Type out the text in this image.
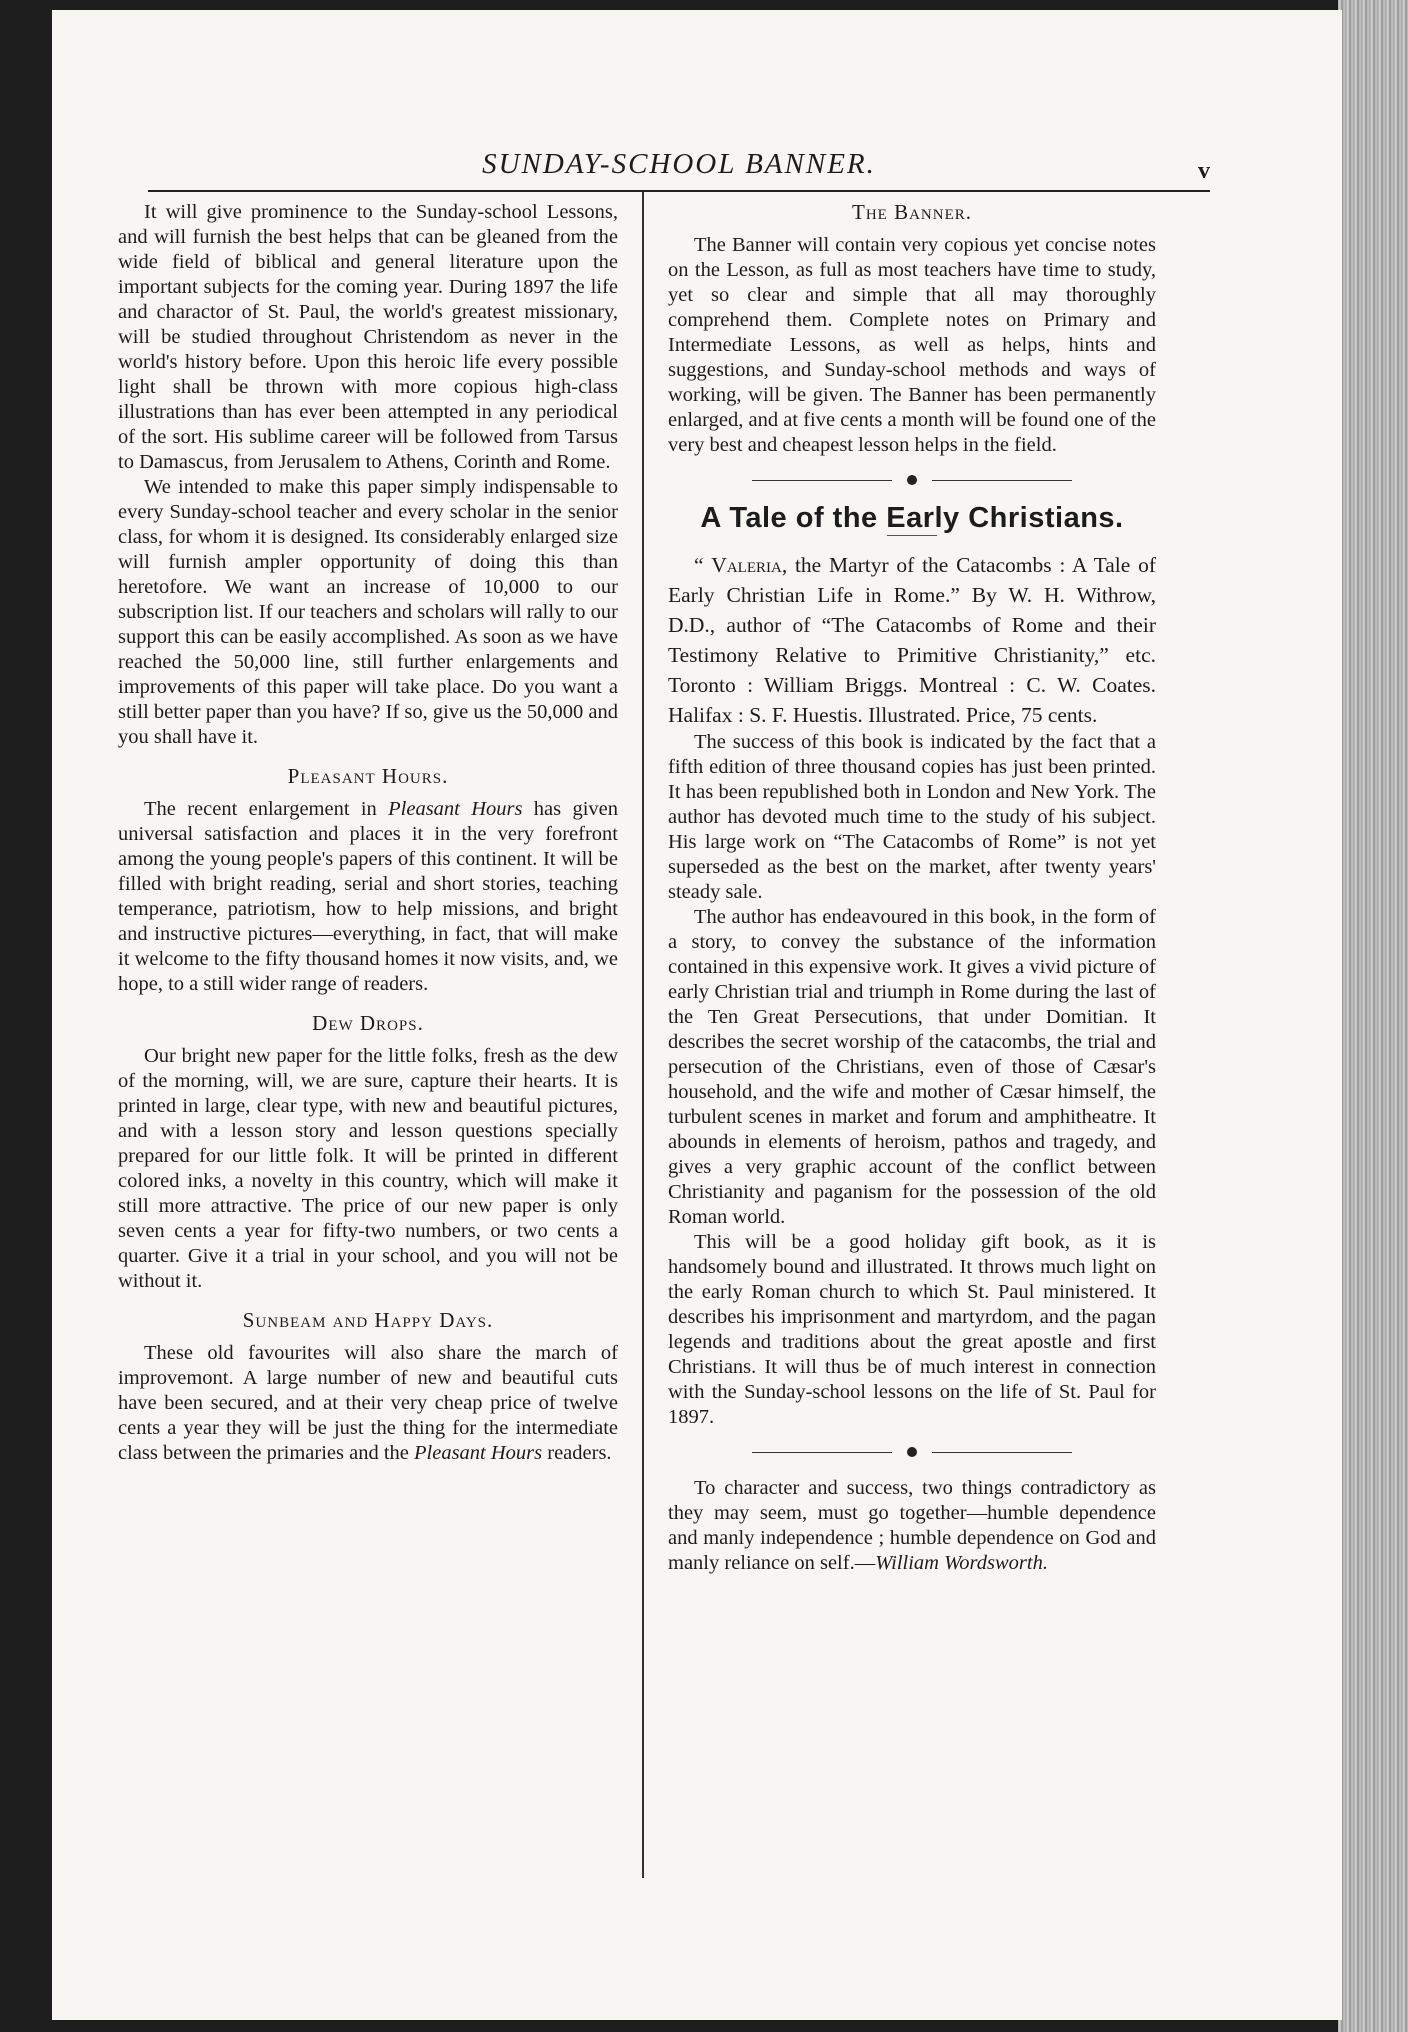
SUNDAY-SCHOOL BANNER.	v

It will give prominence to the Sunday-school Lessons, and will furnish the best helps that can be gleaned from the wide field of biblical and general literature upon the important subjects for the coming year. During 1897 the life and charactor of St. Paul, the world's greatest missionary, will be studied throughout Christendom as never in the world's history before. Upon this heroic life every possible light shall be thrown with more copious high-class illustrations than has ever been attempted in any periodical of the sort. His sublime career will be followed from Tarsus to Damascus, from Jerusalem to Athens, Corinth and Rome.

We intended to make this paper simply indispensable to every Sunday-school teacher and every scholar in the senior class, for whom it is designed. Its considerably enlarged size will furnish ampler opportunity of doing this than heretofore. We want an increase of 10,000 to our subscription list. If our teachers and scholars will rally to our support this can be easily accomplished. As soon as we have reached the 50,000 line, still further enlargements and improvements of this paper will take place. Do you want a still better paper than you have? If so, give us the 50,000 and you shall have it.

Pleasant Hours.

The recent enlargement in Pleasant Hours has given universal satisfaction and places it in the very forefront among the young people's papers of this continent. It will be filled with bright reading, serial and short stories, teaching temperance, patriotism, how to help missions, and bright and instructive pictures—everything, in fact, that will make it welcome to the fifty thousand homes it now visits, and, we hope, to a still wider range of readers.

Dew Drops.

Our bright new paper for the little folks, fresh as the dew of the morning, will, we are sure, capture their hearts. It is printed in large, clear type, with new and beautiful pictures, and with a lesson story and lesson questions specially prepared for our little folk. It will be printed in different colored inks, a novelty in this country, which will make it still more attractive. The price of our new paper is only seven cents a year for fifty-two numbers, or two cents a quarter. Give it a trial in your school, and you will not be without it.

Sunbeam and Happy Days.

These old favourites will also share the march of improvemont. A large number of new and beautiful cuts have been secured, and at their very cheap price of twelve cents a year they will be just the thing for the intermediate class between the primaries and the Pleasant Hours readers.

The Banner.

The Banner will contain very copious yet concise notes on the Lesson, as full as most teachers have time to study, yet so clear and simple that all may thoroughly comprehend them. Complete notes on Primary and Intermediate Lessons, as well as helps, hints and suggestions, and Sunday-school methods and ways of working, will be given. The Banner has been permanently enlarged, and at five cents a month will be found one of the very best and cheapest lesson helps in the field.

A Tale of the Early Christians.

“ Valeria, the Martyr of the Catacombs : A Tale of Early Christian Life in Rome.” By W. H. Withrow, D.D., author of “The Catacombs of Rome and their Testimony Relative to Primitive Christianity,” etc. Toronto : William Briggs. Montreal : C. W. Coates. Halifax : S. F. Huestis. Illustrated. Price, 75 cents.

The success of this book is indicated by the fact that a fifth edition of three thousand copies has just been printed. It has been republished both in London and New York. The author has devoted much time to the study of his subject. His large work on “The Catacombs of Rome” is not yet superseded as the best on the market, after twenty years' steady sale.

The author has endeavoured in this book, in the form of a story, to convey the substance of the information contained in this expensive work. It gives a vivid picture of early Christian trial and triumph in Rome during the last of the Ten Great Persecutions, that under Domitian. It describes the secret worship of the catacombs, the trial and persecution of the Christians, even of those of Cæsar's household, and the wife and mother of Cæsar himself, the turbulent scenes in market and forum and amphitheatre. It abounds in elements of heroism, pathos and tragedy, and gives a very graphic account of the conflict between Christianity and paganism for the possession of the old Roman world.

This will be a good holiday gift book, as it is handsomely bound and illustrated. It throws much light on the early Roman church to which St. Paul ministered. It describes his imprisonment and martyrdom, and the pagan legends and traditions about the great apostle and first Christians. It will thus be of much interest in connection with the Sunday-school lessons on the life of St. Paul for 1897.

To character and success, two things contradictory as they may seem, must go together—humble dependence and manly independence ; humble dependence on God and manly reliance on self.—William Wordsworth.
